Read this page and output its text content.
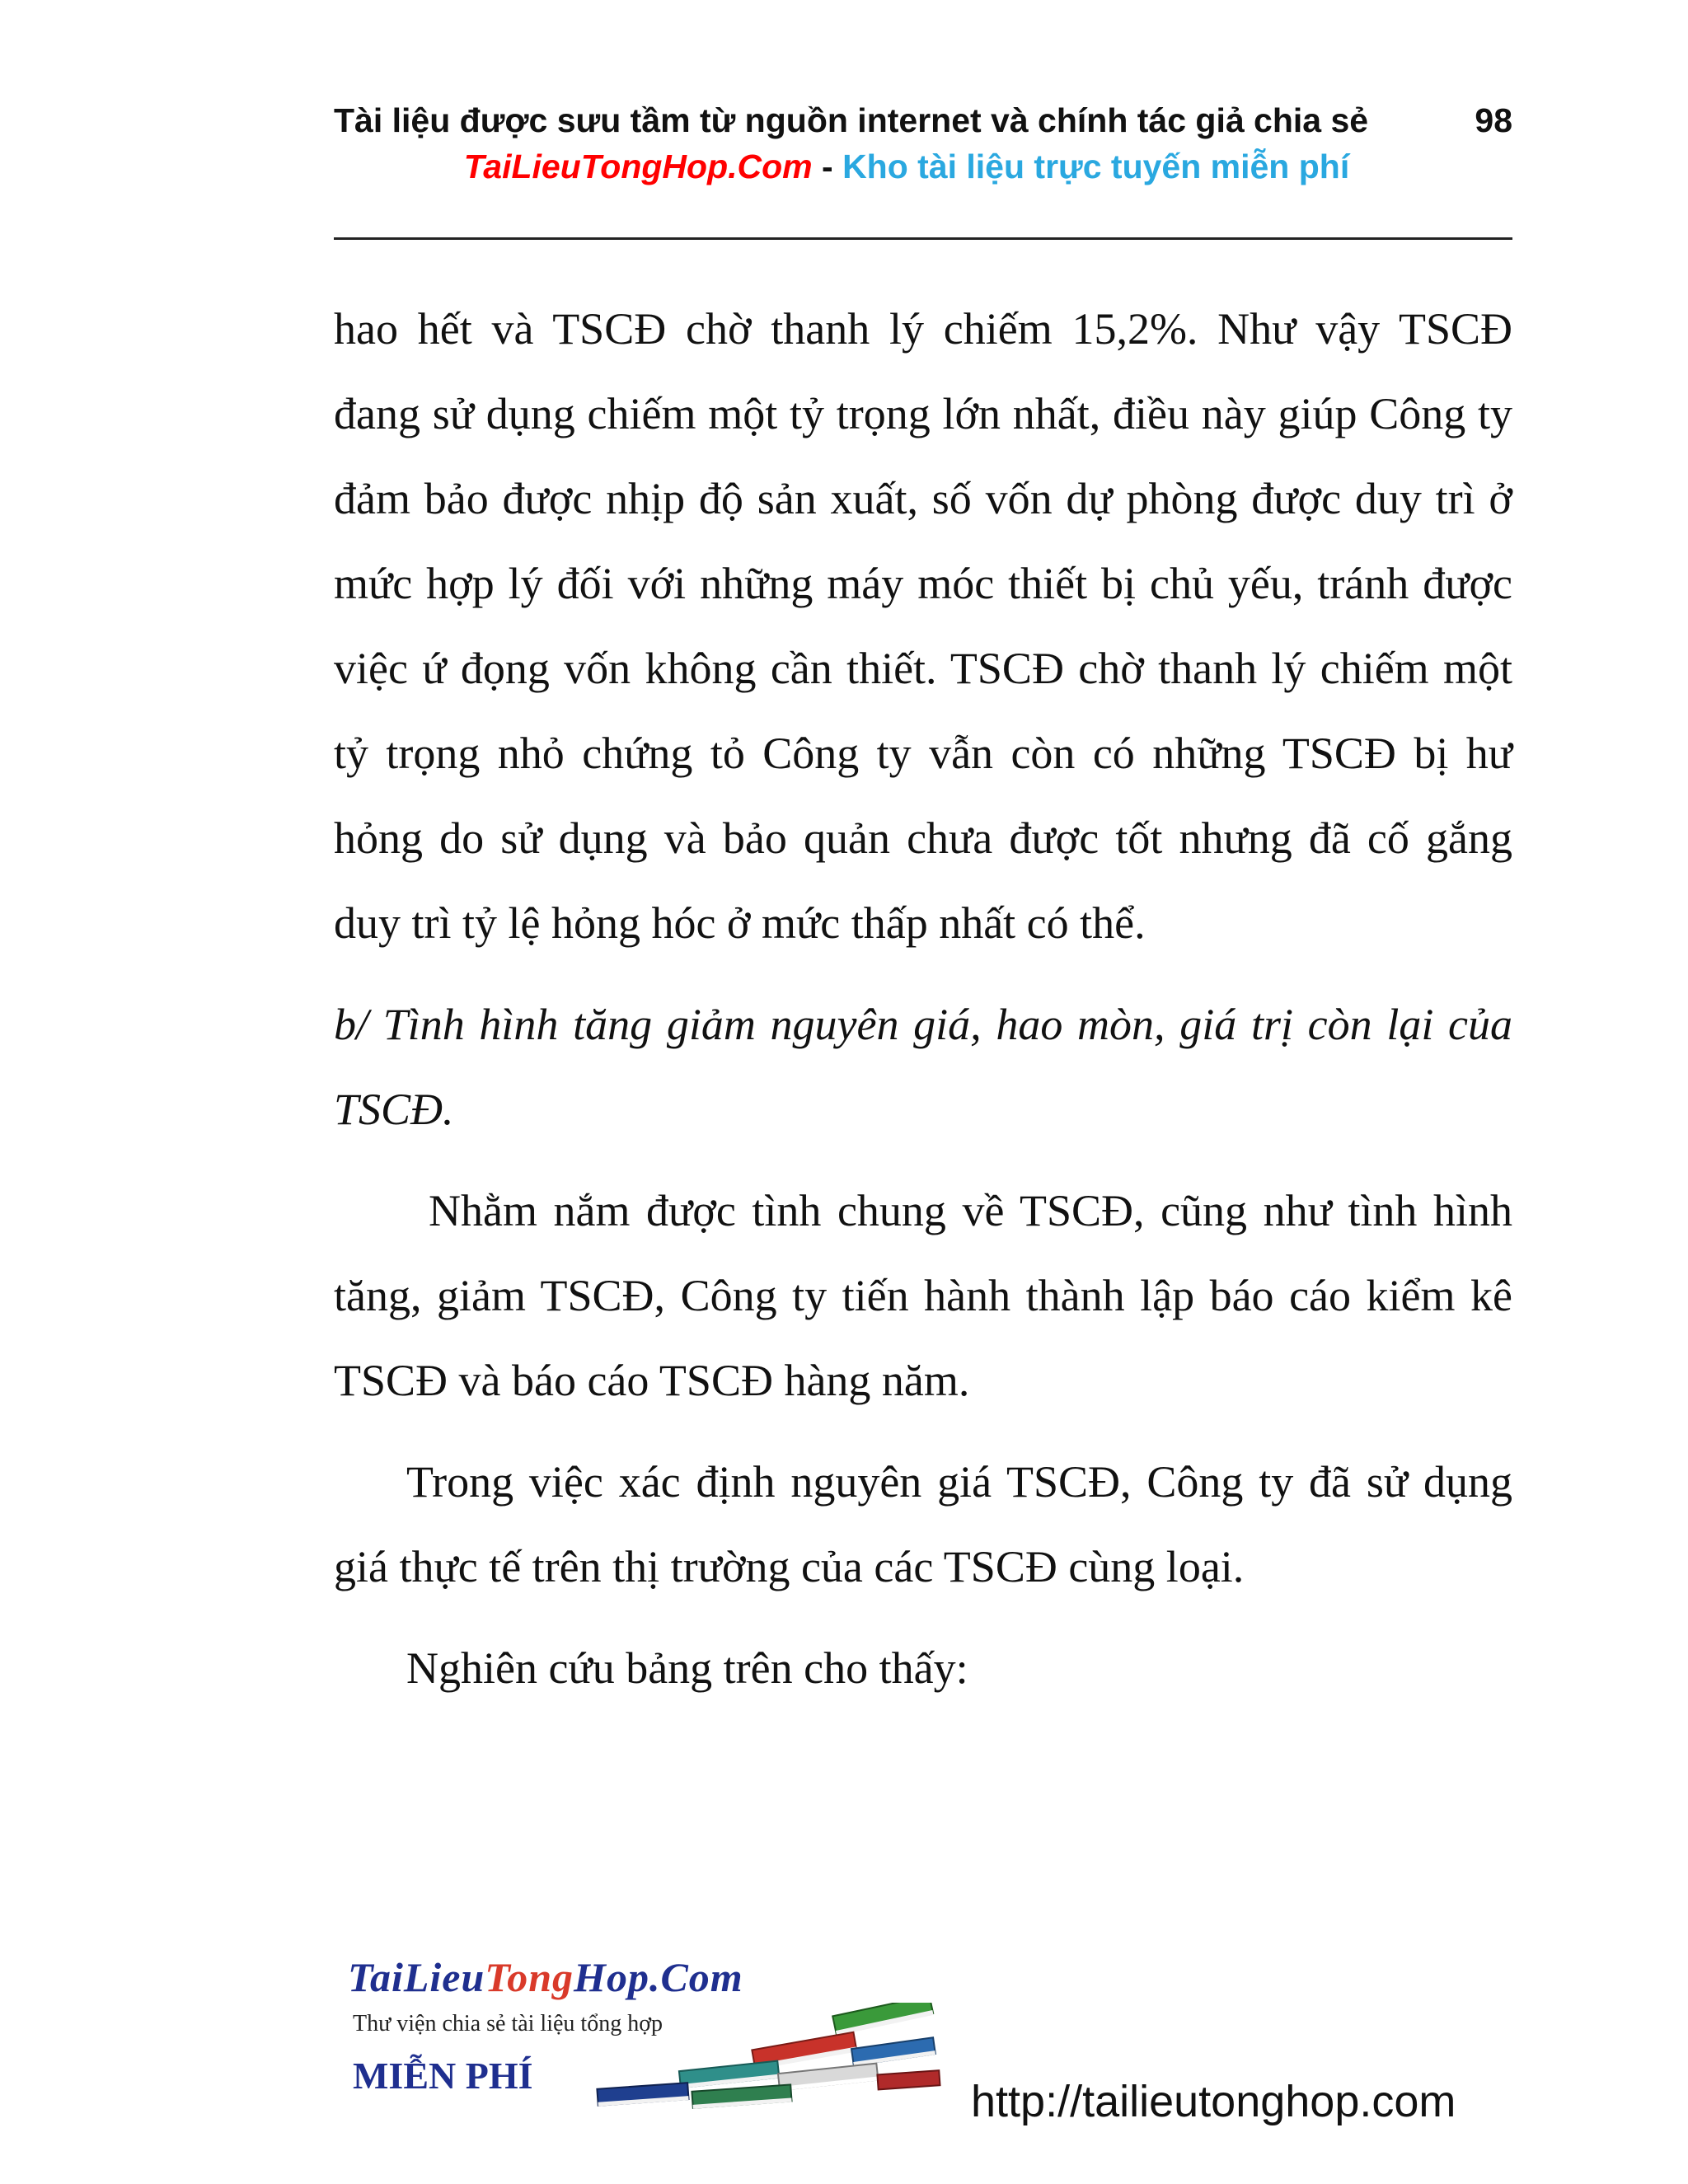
Tài liệu được sưu tầm từ nguồn internet và chính tác giả chia sẻ	98
TaiLieuTongHop.Com - Kho tài liệu trực tuyến miễn phí

hao hết và TSCĐ chờ thanh lý chiếm 15,2%. Như vậy TSCĐ đang sử dụng chiếm một tỷ trọng lớn nhất, điều này giúp Công ty đảm bảo được nhịp độ sản xuất, số vốn dự phòng được duy trì ở mức hợp lý đối với những máy móc thiết bị chủ yếu, tránh được việc ứ đọng vốn không cần thiết. TSCĐ chờ thanh lý chiếm một tỷ trọng nhỏ chứng tỏ Công ty vẫn còn có những TSCĐ bị hư hỏng do sử dụng và bảo quản chưa được tốt nhưng đã cố gắng duy trì tỷ lệ hỏng hóc ở mức thấp nhất có thể.

b/ Tình hình tăng giảm nguyên giá, hao mòn, giá trị còn lại của TSCĐ.

Nhằm nắm được tình chung về TSCĐ, cũng như tình hình tăng, giảm TSCĐ, Công ty tiến hành thành lập báo cáo kiểm kê TSCĐ và báo cáo TSCĐ hàng năm.

Trong việc xác định nguyên giá TSCĐ, Công ty đã sử dụng giá thực tế trên thị trường của các TSCĐ cùng loại.

Nghiên cứu bảng trên cho thấy:

TaiLieuTongHop.Com
Thư viện chia sẻ tài liệu tổng hợp
MIỄN PHÍ
http://tailieutonghop.com
